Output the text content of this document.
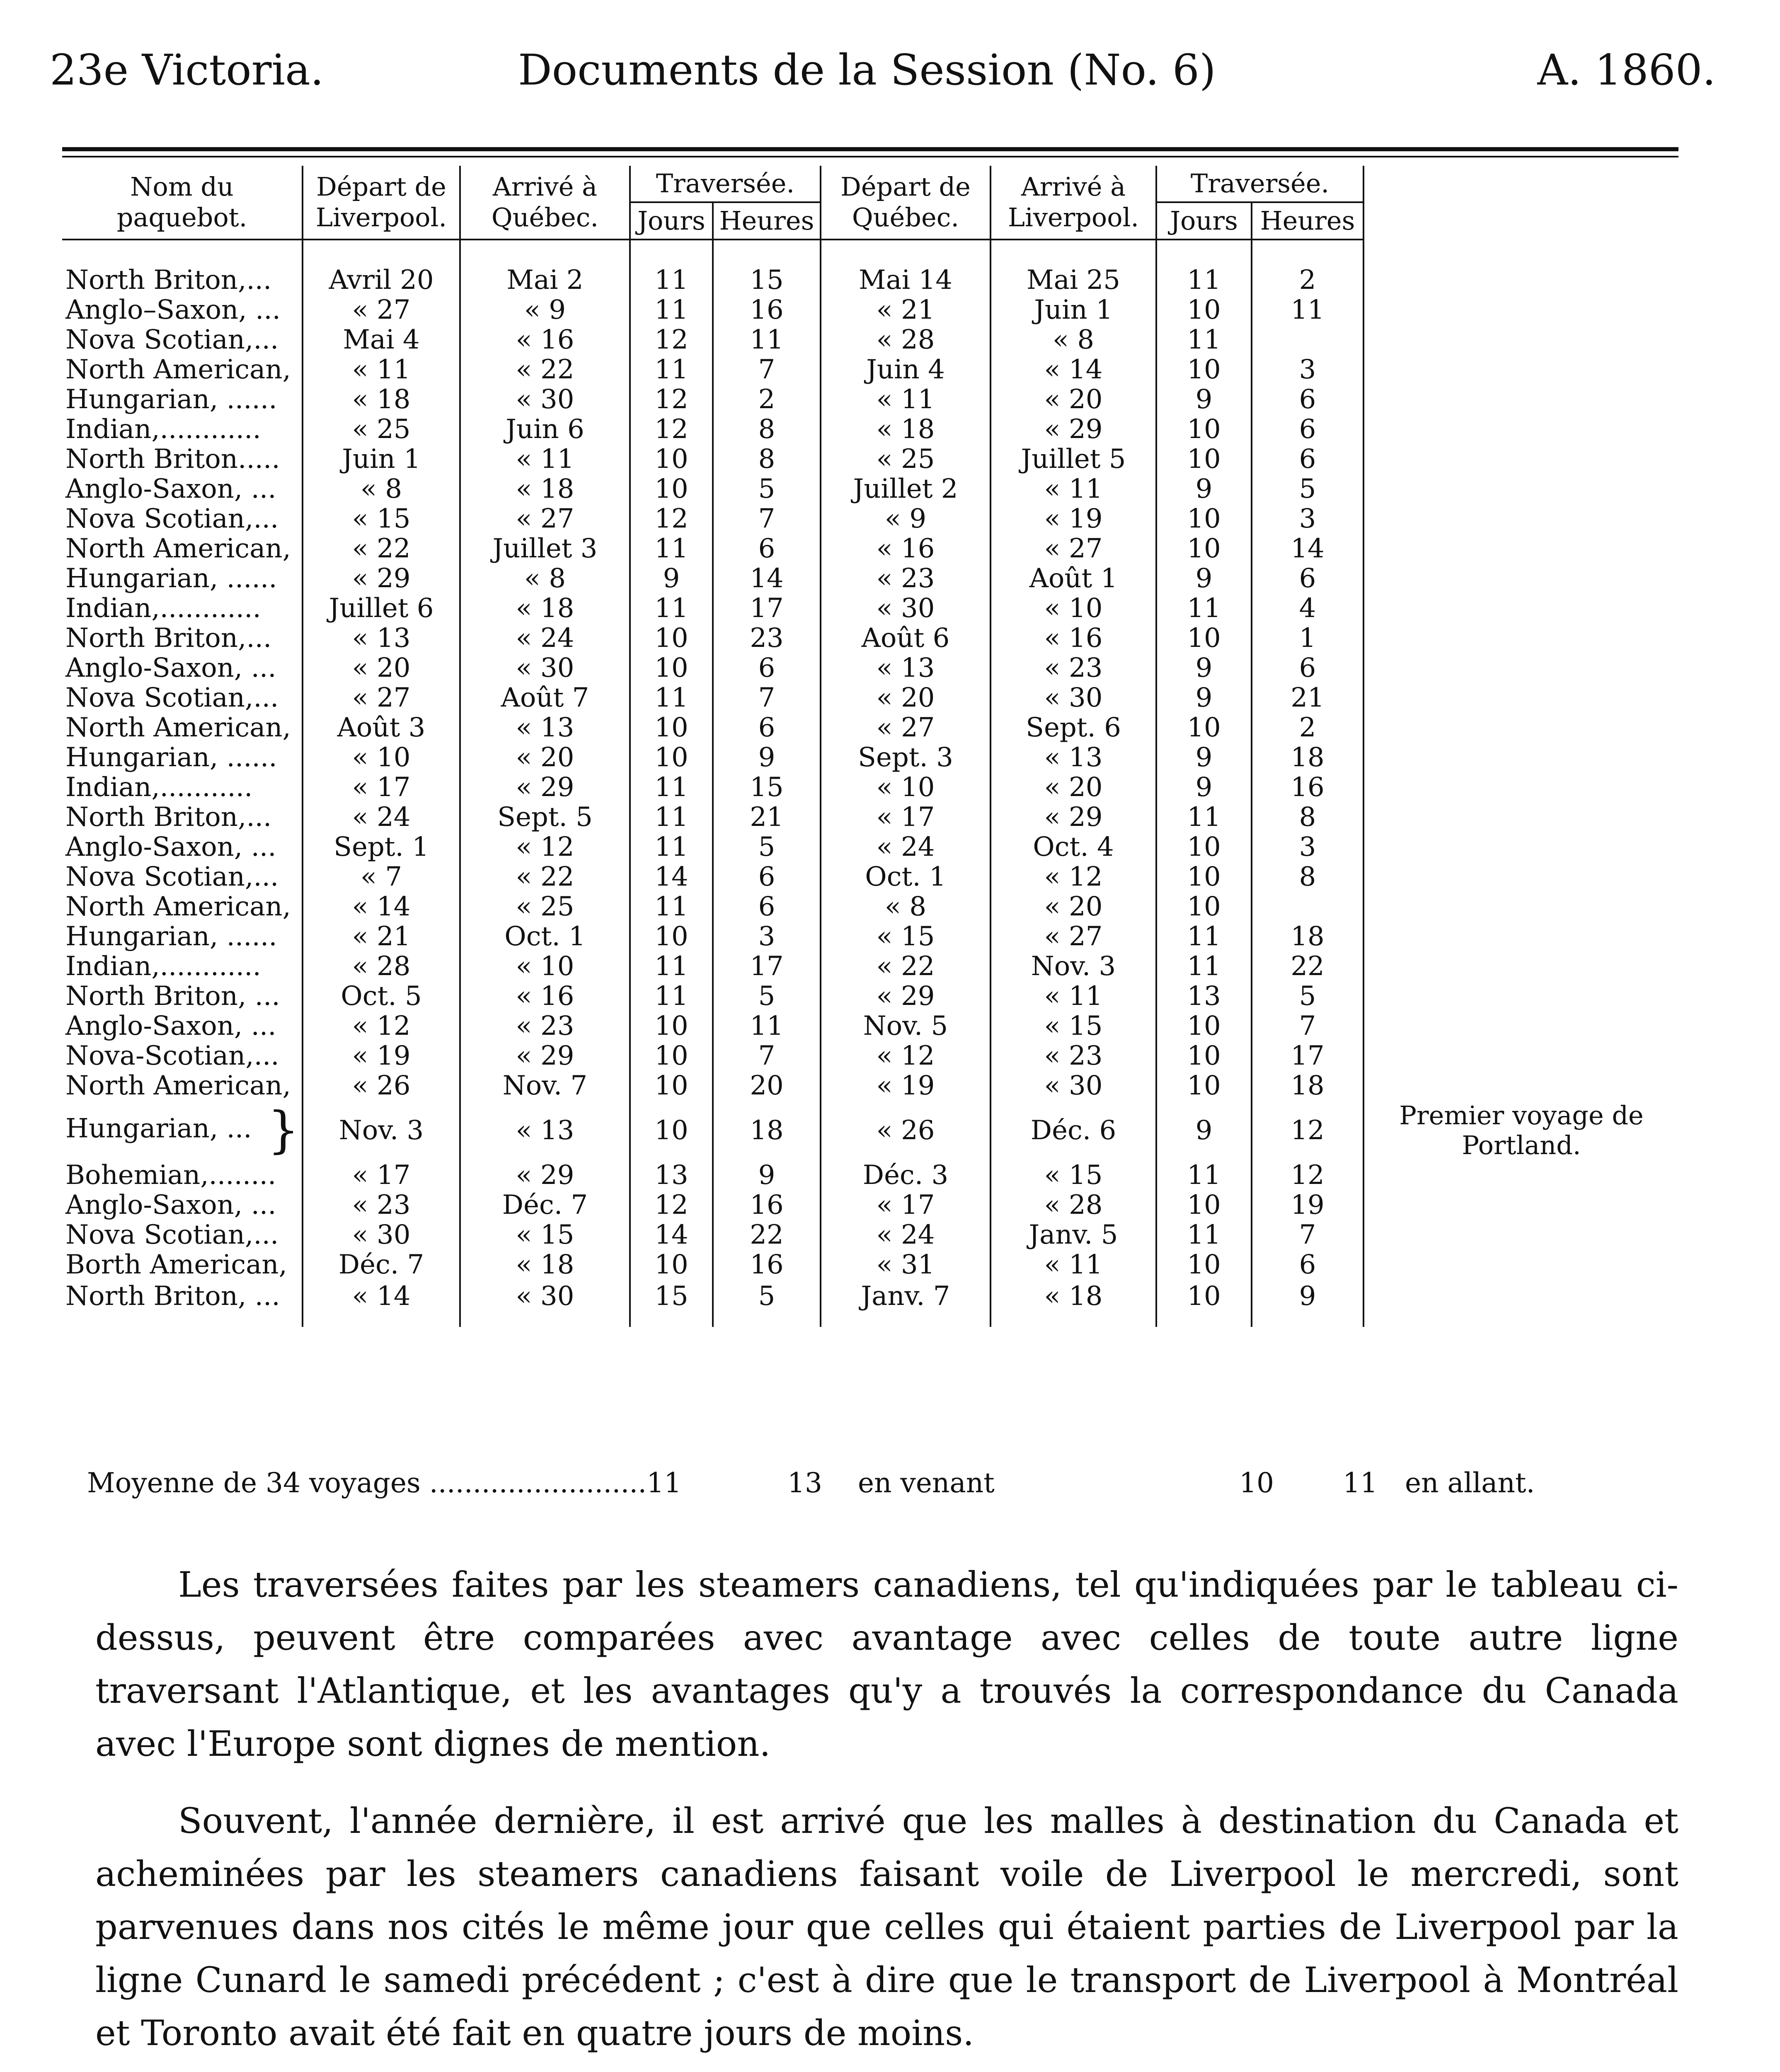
23e Victoria.	Documents de la Session (No. 6)	A. 1860.
Nom du paquebot.	Départ de Liverpool.	Arrivé à Québec.	Traversée.		Départ de Québec.	Arrivé à Liverpool.	Traversée.		
			Jours	Heures			Jours	Heures	

North Briton,...	Avril 20	Mai 2	11	15	Mai 14	Mai 25	11	2	
Anglo–Saxon, ...	« 27	« 9	11	16	« 21	Juin 1	10	11	
Nova Scotian,...	Mai 4	« 16	12	11	« 28	« 8	11		
North American,	« 11	« 22	11	7	Juin 4	« 14	10	3	
Hungarian, ......	« 18	« 30	12	2	« 11	« 20	9	6	
Indian,............	« 25	Juin 6	12	8	« 18	« 29	10	6	
North Briton.....	Juin 1	« 11	10	8	« 25	Juillet 5	10	6	
Anglo-Saxon, ...	« 8	« 18	10	5	Juillet 2	« 11	9	5	
Nova Scotian,...	« 15	« 27	12	7	« 9	« 19	10	3	
North American,	« 22	Juillet 3	11	6	« 16	« 27	10	14	
Hungarian, ......	« 29	« 8	9	14	« 23	Août 1	9	6	
Indian,............	Juillet 6	« 18	11	17	« 30	« 10	11	4	
North Briton,...	« 13	« 24	10	23	Août 6	« 16	10	1	
Anglo-Saxon, ...	« 20	« 30	10	6	« 13	« 23	9	6	
Nova Scotian,...	« 27	Août 7	11	7	« 20	« 30	9	21	
North American,	Août 3	« 13	10	6	« 27	Sept. 6	10	2	
Hungarian, ......	« 10	« 20	10	9	Sept. 3	« 13	9	18	
Indian,...........	« 17	« 29	11	15	« 10	« 20	9	16	
North Briton,...	« 24	Sept. 5	11	21	« 17	« 29	11	8	
Anglo-Saxon, ...	Sept. 1	« 12	11	5	« 24	Oct. 4	10	3	
Nova Scotian,...	« 7	« 22	14	6	Oct. 1	« 12	10	8	
North American,	« 14	« 25	11	6	« 8	« 20	10		
Hungarian, ......	« 21	Oct. 1	10	3	« 15	« 27	11	18	
Indian,............	« 28	« 10	11	17	« 22	Nov. 3	11	22	
North Briton, ...	Oct. 5	« 16	11	5	« 29	« 11	13	5	
Anglo-Saxon, ...	« 12	« 23	10	11	Nov. 5	« 15	10	7	
Nova-Scotian,...	« 19	« 29	10	7	« 12	« 23	10	17	
North American,	« 26	Nov. 7	10	20	« 19	« 30	10	18	
Hungarian, ... }	Nov. 3	« 13	10	18	« 26	Déc. 6	9	12	Premier voyage de Portland.
Bohemian,........	« 17	« 29	13	9	Déc. 3	« 15	11	12	
Anglo-Saxon, ...	« 23	Déc. 7	12	16	« 17	« 28	10	19	
Nova Scotian,...	« 30	« 15	14	22	« 24	Janv. 5	11	7	
Borth American,	Déc. 7	« 18	10	16	« 31	« 11	10	6	
North Briton, ...	« 14	« 30	15	5	Janv. 7	« 18	10	9	
Moyenne de 34 voyages .........................11	13 en venant	10	11 en allant.

Les traversées faites par les steamers canadiens, tel qu'indiquées par le tableau ci-dessus, peuvent être comparées avec avantage avec celles de toute autre ligne traversant l'Atlantique, et les avantages qu'y a trouvés la correspondance du Canada avec l'Europe sont dignes de mention.

Souvent, l'année dernière, il est arrivé que les malles à destination du Canada et acheminées par les steamers canadiens faisant voile de Liverpool le mercredi, sont parvenues dans nos cités le même jour que celles qui étaient parties de Liverpool par la ligne Cunard le samedi précédent ; c'est à dire que le transport de Liverpool à Montréal et Toronto avait été fait en quatre jours de moins.
